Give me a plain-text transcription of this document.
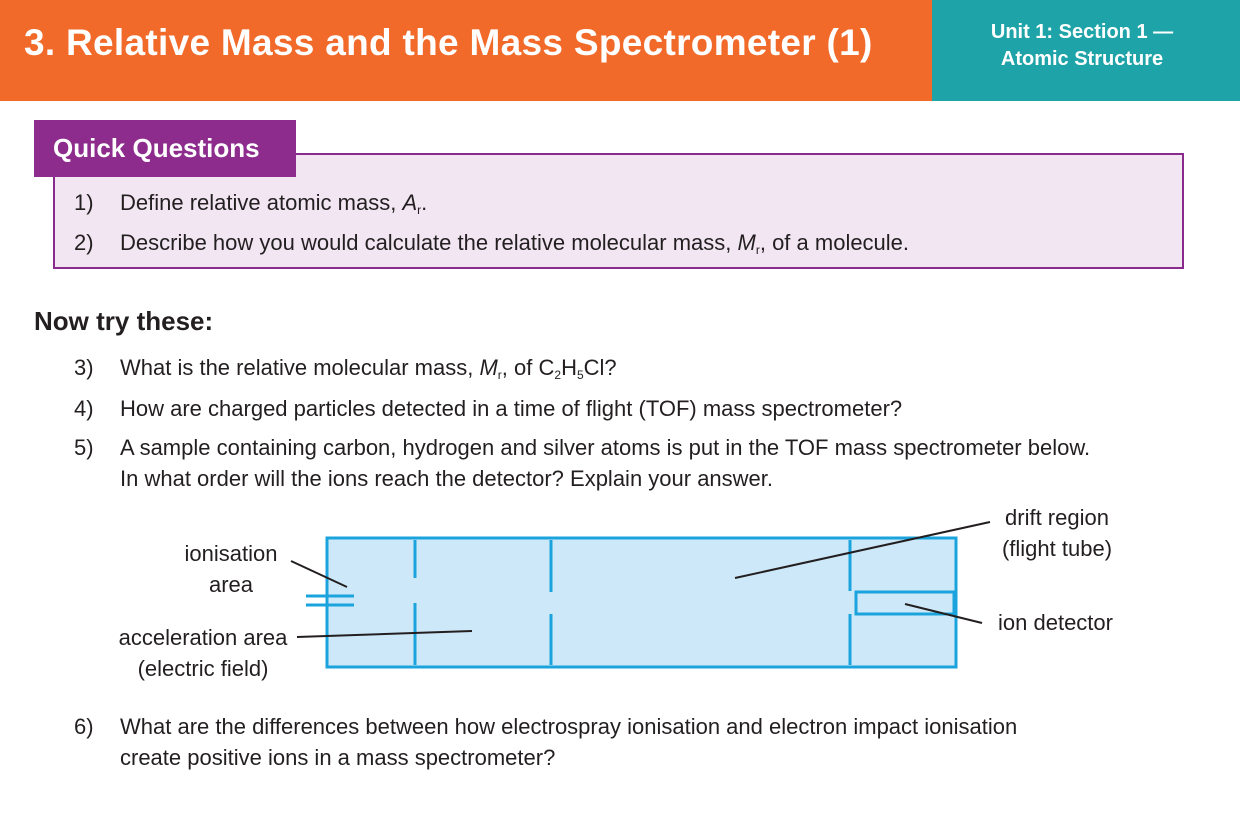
3. Relative Mass and the Mass Spectrometer (1)	Unit 1: Section 1 —
Atomic Structure
Quick Questions
1) Define relative atomic mass, $A_r$.
2) Describe how you would calculate the relative molecular mass, $M_r$, of a molecule.
Now try these:
3) What is the relative molecular mass, $M_r$, of $C_2H_5Cl$?
4) How are charged particles detected in a time of flight (TOF) mass spectrometer?
5) A sample containing carbon, hydrogen and silver atoms is put in the TOF mass spectrometer below.
In what order will the ions reach the detector? Explain your answer.
ionisation
area
acceleration area
(electric field)
drift region
(flight tube)
ion detector
6) What are the differences between how electrospray ionisation and electron impact ionisation
create positive ions in a mass spectrometer?
